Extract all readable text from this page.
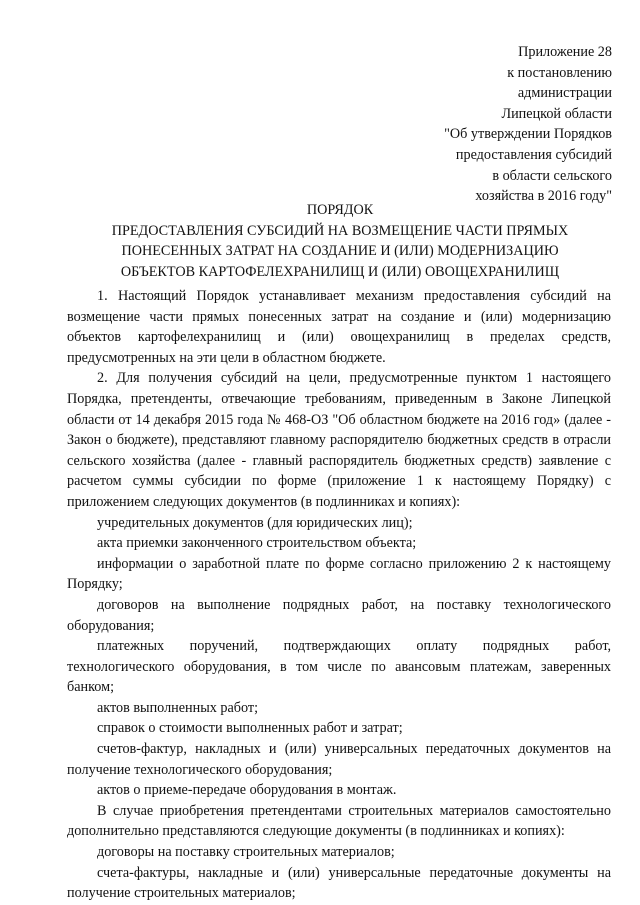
Приложение 28
к постановлению
администрации
Липецкой области
"Об утверждении Порядков
предоставления субсидий
в области сельского
хозяйства в 2016 году"
ПОРЯДОК
ПРЕДОСТАВЛЕНИЯ СУБСИДИЙ НА ВОЗМЕЩЕНИЕ ЧАСТИ ПРЯМЫХ
ПОНЕСЕННЫХ ЗАТРАТ НА СОЗДАНИЕ И (ИЛИ) МОДЕРНИЗАЦИЮ
ОБЪЕКТОВ КАРТОФЕЛЕХРАНИЛИЩ И (ИЛИ) ОВОЩЕХРАНИЛИЩ

1. Настоящий Порядок устанавливает механизм предоставления субсидий на возмещение части прямых понесенных затрат на создание и (или) модернизацию объектов картофелехранилищ и (или) овощехранилищ в пределах средств, предусмотренных на эти цели в областном бюджете.

2. Для получения субсидий на цели, предусмотренные пунктом 1 настоящего Порядка, претенденты, отвечающие требованиям, приведенным в Законе Липецкой области от 14 декабря 2015 года № 468-ОЗ "Об областном бюджете на 2016 год» (далее - Закон о бюджете), представляют главному распорядителю бюджетных средств в отрасли сельского хозяйства (далее - главный распорядитель бюджетных средств) заявление с расчетом суммы субсидии по форме (приложение 1 к настоящему Порядку) с приложением следующих документов (в подлинниках и копиях):

учредительных документов (для юридических лиц);

акта приемки законченного строительством объекта;

информации о заработной плате по форме согласно приложению 2 к настоящему Порядку;

договоров на выполнение подрядных работ, на поставку технологического оборудования;

платежных поручений, подтверждающих оплату подрядных работ, технологического оборудования, в том числе по авансовым платежам, заверенных банком;

актов выполненных работ;

справок о стоимости выполненных работ и затрат;

счетов-фактур, накладных и (или) универсальных передаточных документов на получение технологического оборудования;

актов о приеме-передаче оборудования в монтаж.

В случае приобретения претендентами строительных материалов самостоятельно дополнительно представляются следующие документы (в подлинниках и копиях):

договоры на поставку строительных материалов;

счета-фактуры, накладные и (или) универсальные передаточные документы на получение строительных материалов;
